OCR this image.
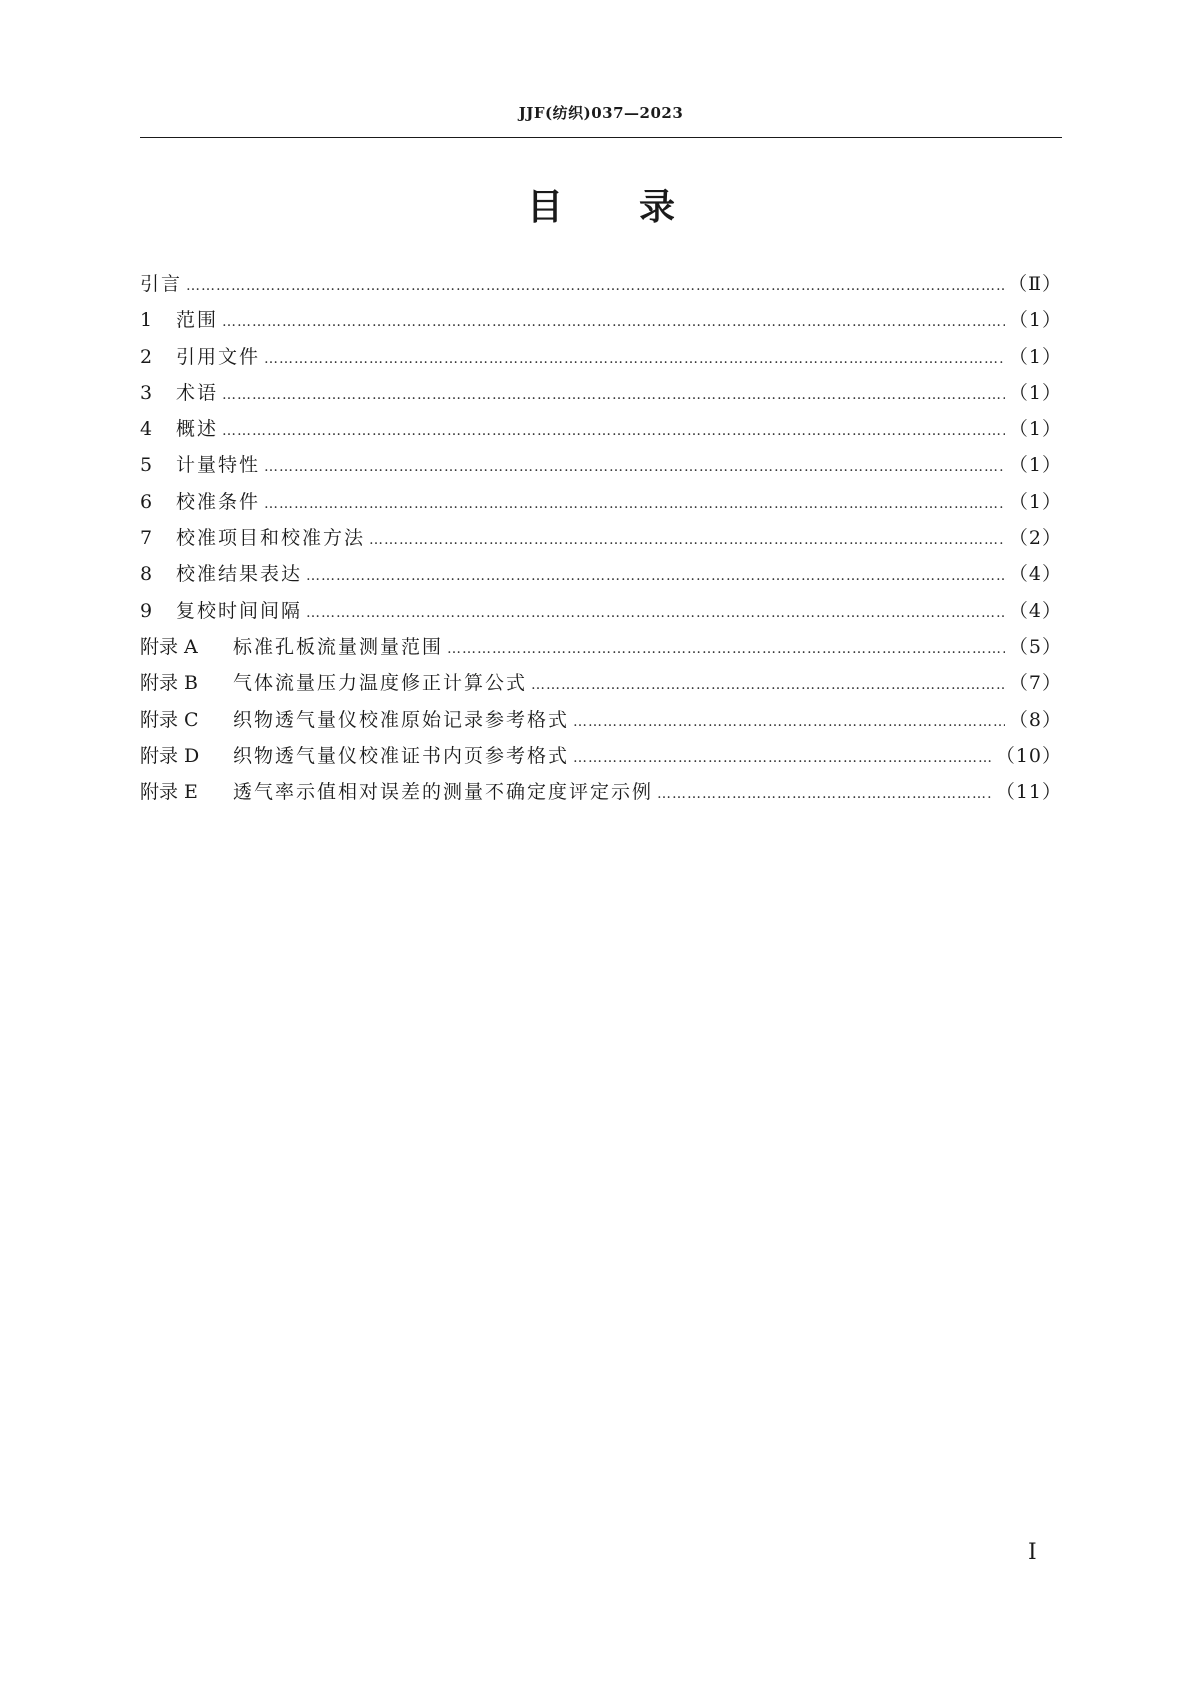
JJF(纺织)037—2023
目 录
引言 ……………………………………………………………………………………………………………………………………………………………………………………………………………………………………	（Ⅱ）
1	范围 ……………………………………………………………………………………………………………………………………………………………………………………………………………………………………	（1）
2	引用文件 ……………………………………………………………………………………………………………………………………………………………………………………………………………………………………	（1）
3	术语 ……………………………………………………………………………………………………………………………………………………………………………………………………………………………………	（1）
4	概述 ……………………………………………………………………………………………………………………………………………………………………………………………………………………………………	（1）
5	计量特性 ……………………………………………………………………………………………………………………………………………………………………………………………………………………………………	（1）
6	校准条件 ……………………………………………………………………………………………………………………………………………………………………………………………………………………………………	（1）
7	校准项目和校准方法 ……………………………………………………………………………………………………………………………………………………………………………………………………………………………………	（2）
8	校准结果表达 ……………………………………………………………………………………………………………………………………………………………………………………………………………………………………	（4）
9	复校时间间隔 ……………………………………………………………………………………………………………………………………………………………………………………………………………………………………	（4）
附录 A	标准孔板流量测量范围 ……………………………………………………………………………………………………………………………………………………………………………………………………………………………………	（5）
附录 B	气体流量压力温度修正计算公式 ……………………………………………………………………………………………………………………………………………………………………………………………………………………………………	（7）
附录 C	织物透气量仪校准原始记录参考格式 ……………………………………………………………………………………………………………………………………………………………………………………………………………………………………	（8）
附录 D	织物透气量仪校准证书内页参考格式 ……………………………………………………………………………………………………………………………………………………………………………………………………………………………………	（10）
附录 E	透气率示值相对误差的测量不确定度评定示例 ……………………………………………………………………………………………………………………………………………………………………………………………………………………………………	（11）
Ⅰ
